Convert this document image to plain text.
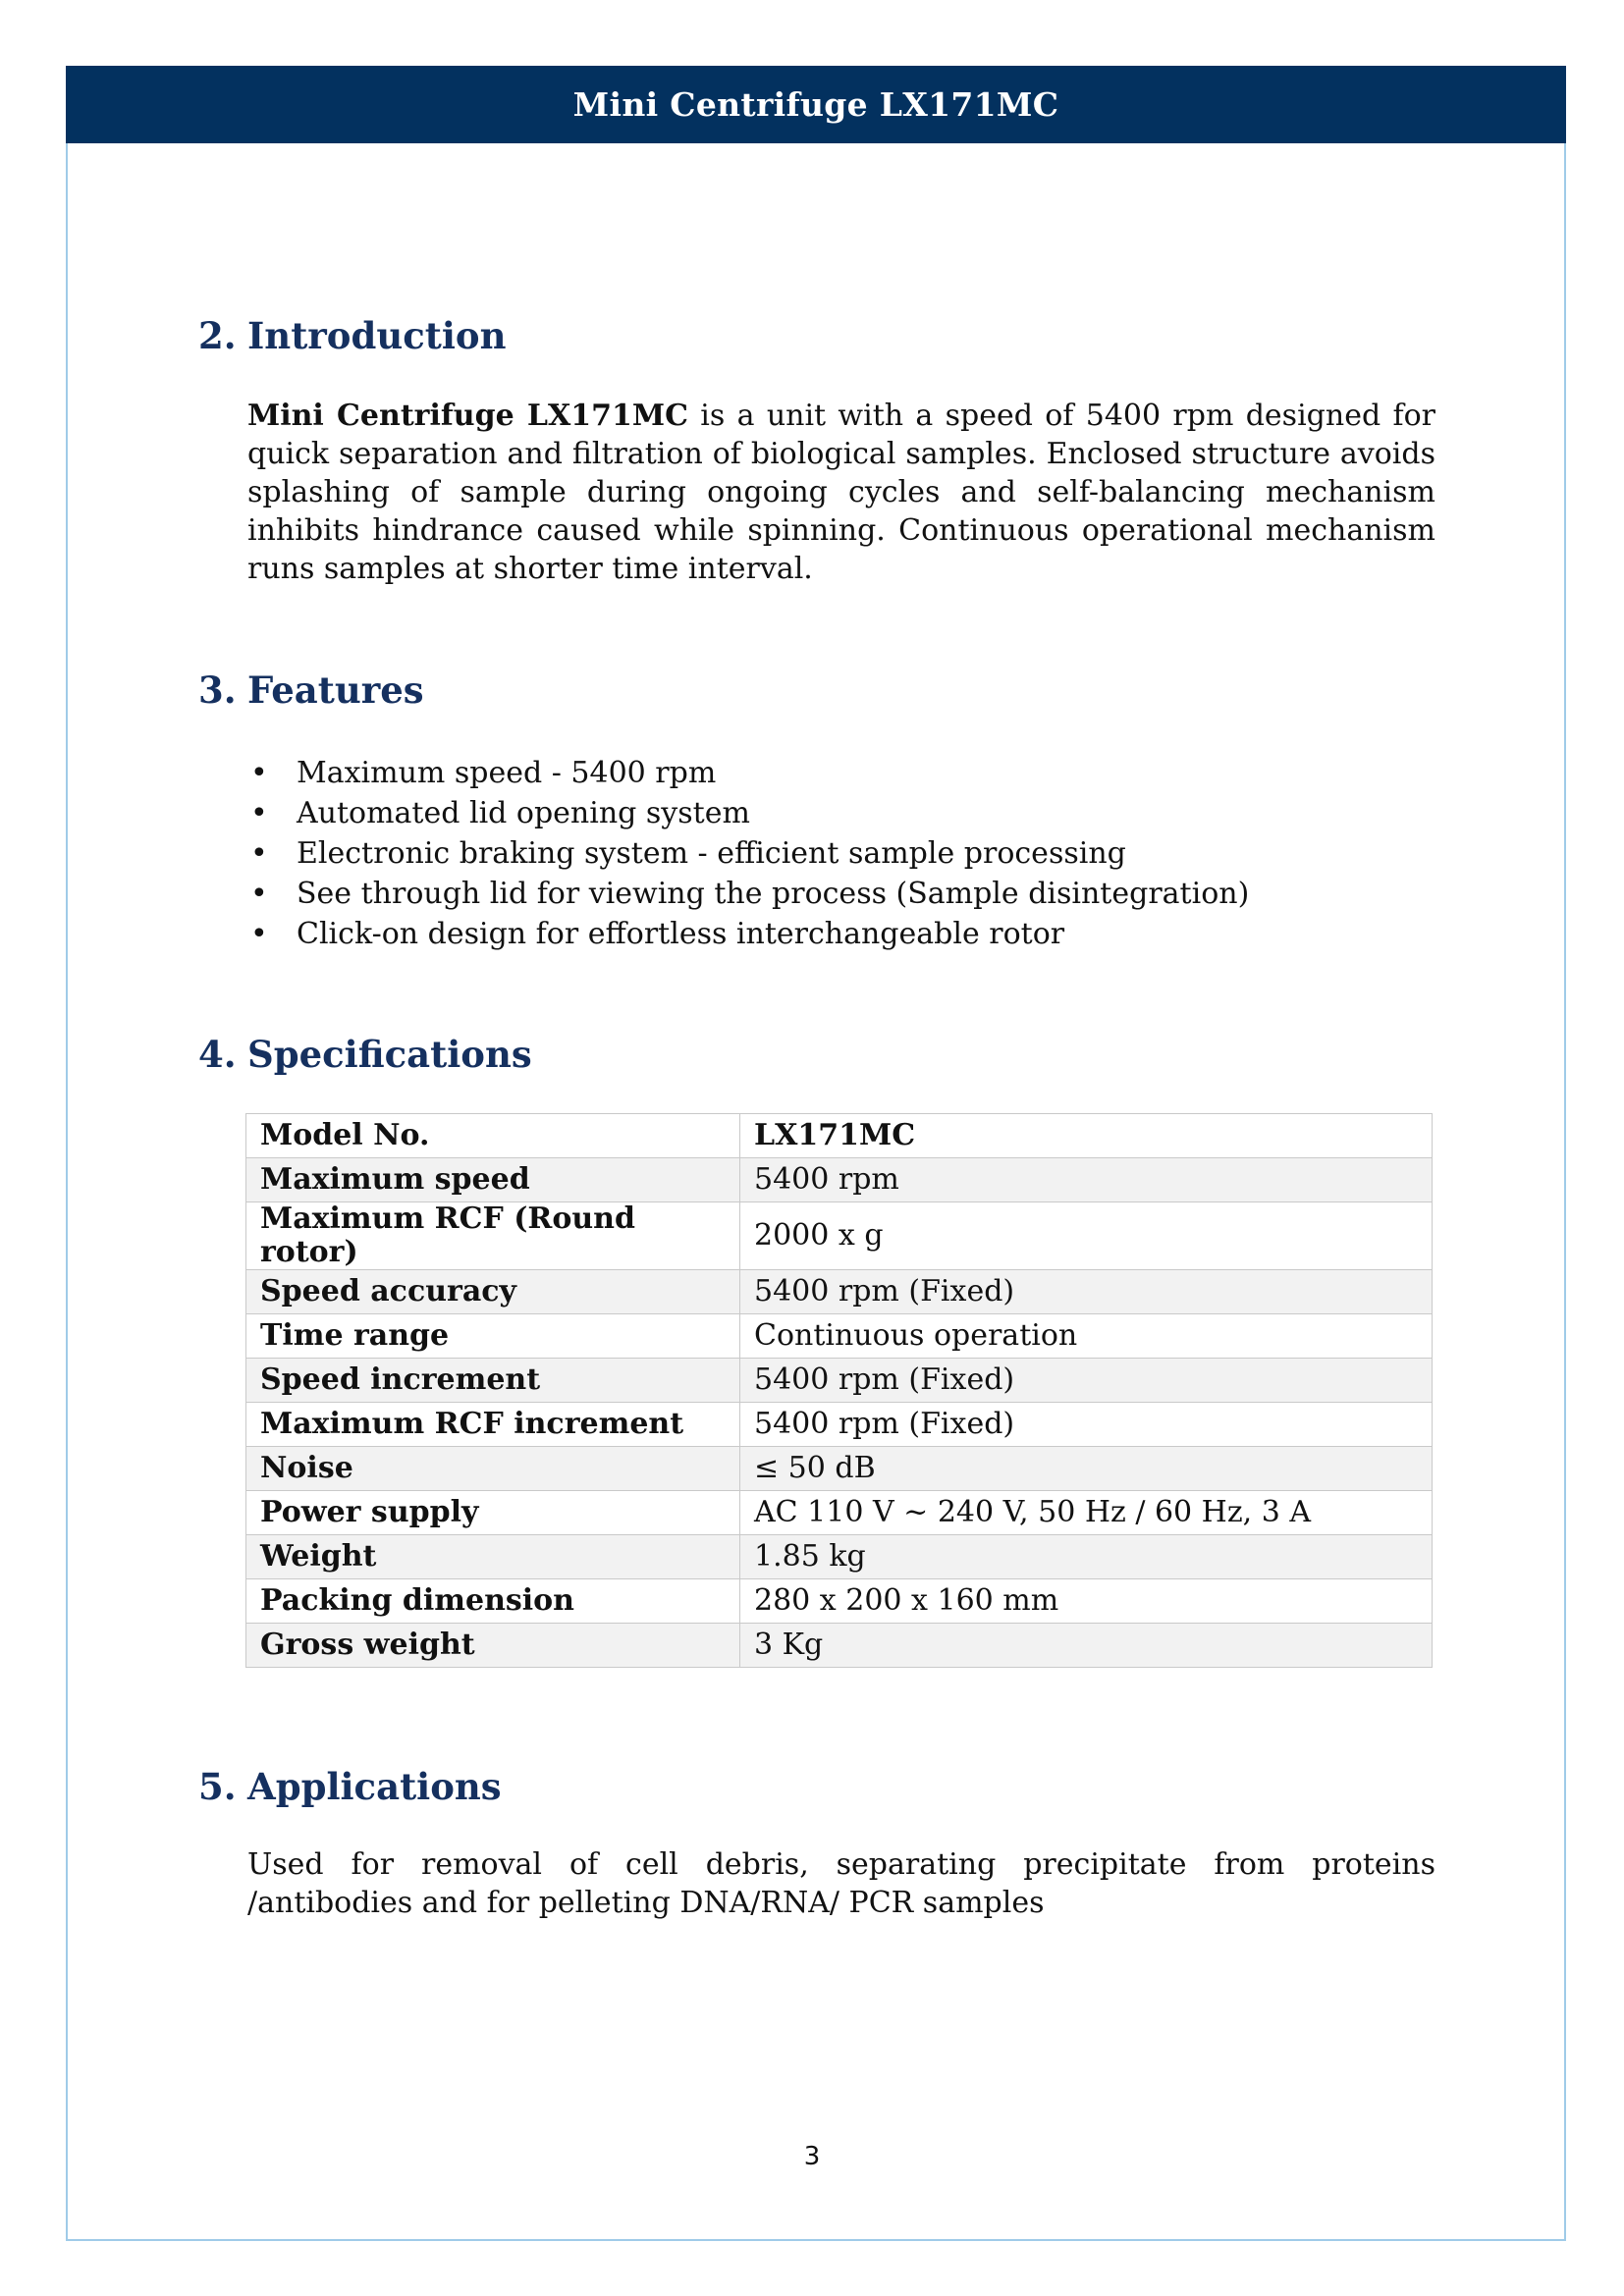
Mini Centrifuge LX171MC
2. Introduction

Mini Centrifuge LX171MC is a unit with a speed of 5400 rpm designed for quick separation and filtration of biological samples. Enclosed structure avoids splashing of sample during ongoing cycles and self-balancing mechanism inhibits hindrance caused while spinning. Continuous operational mechanism runs samples at shorter time interval.

3. Features
• Maximum speed - 5400 rpm
• Automated lid opening system
• Electronic braking system - efficient sample processing
• See through lid for viewing the process (Sample disintegration)
• Click-on design for effortless interchangeable rotor
4. Specifications
Model No.	LX171MC
Maximum speed	5400 rpm
Maximum RCF (Round rotor)	2000 x g
Speed accuracy	5400 rpm (Fixed)
Time range	Continuous operation
Speed increment	5400 rpm (Fixed)
Maximum RCF increment	5400 rpm (Fixed)
Noise	≤ 50 dB
Power supply	AC 110 V ~ 240 V, 50 Hz / 60 Hz, 3 A
Weight	1.85 kg
Packing dimension	280 x 200 x 160 mm
Gross weight	3 Kg
5. Applications

Used for removal of cell debris, separating precipitate from proteins /antibodies and for pelleting DNA/RNA/ PCR samples

3
